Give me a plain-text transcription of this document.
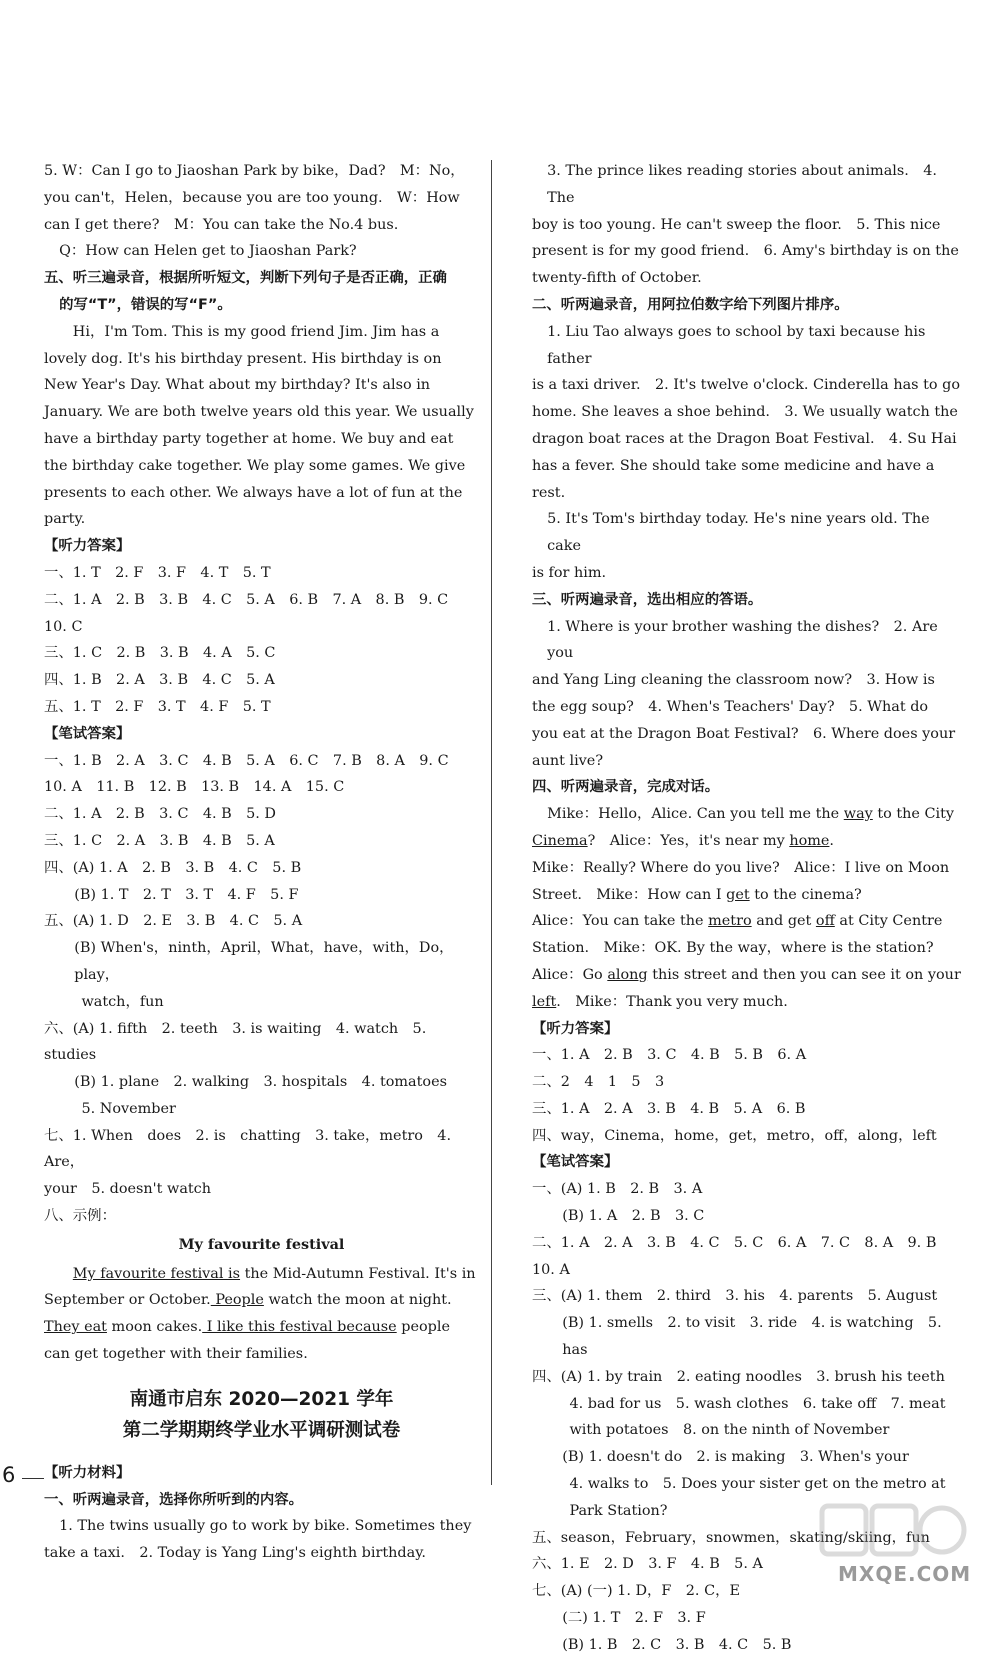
5. W：Can I go to Jiaoshan Park by bike，Dad?　M：No，

you can't，Helen，because you are too young.　W：How

can I get there?　M：You can take the No.4 bus.

Q：How can Helen get to Jiaoshan Park?

五、听三遍录音，根据所听短文，判断下列句子是否正确，正确

的写“T”，错误的写“F”。

Hi，I'm Tom. This is my good friend Jim. Jim has a lovely dog. It's his birthday present. His birthday is on New Year's Day. What about my birthday? It's also in January. We are both twelve years old this year. We usually have a birthday party together at home. We buy and eat the birthday cake together. We play some games. We give presents to each other. We always have a lot of fun at the party.

【听力答案】

一、1. T　2. F　3. F　4. T　5. T

二、1. A　2. B　3. B　4. C　5. A　6. B　7. A　8. B　9. C

10. C

三、1. C　2. B　3. B　4. A　5. C

四、1. B　2. A　3. B　4. C　5. A

五、1. T　2. F　3. T　4. F　5. T

【笔试答案】

一、1. B　2. A　3. C　4. B　5. A　6. C　7. B　8. A　9. C

10. A　11. B　12. B　13. B　14. A　15. C

二、1. A　2. B　3. C　4. B　5. D

三、1. C　2. A　3. B　4. B　5. A

四、(A) 1. A　2. B　3. B　4. C　5. B

(B) 1. T　2. T　3. T　4. F　5. F

五、(A) 1. D　2. E　3. B　4. C　5. A

(B) When's，ninth，April，What，have，with，Do，play，

watch，fun

六、(A) 1. fifth　2. teeth　3. is waiting　4. watch　5. studies

(B) 1. plane　2. walking　3. hospitals　4. tomatoes

5. November

七、1. When　does　2. is　chatting　3. take，metro　4. Are，

your　5. doesn't watch

八、示例：

My favourite festival

My favourite festival is the Mid-Autumn Festival. It's in September or October. People watch the moon at night. They eat moon cakes. I like this festival because people can get together with their families.

南通市启东 2020—2021 学年

第二学期期终学业水平调研测试卷

【听力材料】

一、听两遍录音，选择你所听到的内容。

1. The twins usually go to work by bike. Sometimes they

take a taxi.　2. Today is Yang Ling's eighth birthday.

3. The prince likes reading stories about animals.　4. The

boy is too young. He can't sweep the floor.　5. This nice

present is for my good friend.　6. Amy's birthday is on the

twenty-fifth of October.

二、听两遍录音，用阿拉伯数字给下列图片排序。

1. Liu Tao always goes to school by taxi because his father

is a taxi driver.　2. It's twelve o'clock. Cinderella has to go

home. She leaves a shoe behind.　3. We usually watch the

dragon boat races at the Dragon Boat Festival.　4. Su Hai

has a fever. She should take some medicine and have a rest.

5. It's Tom's birthday today. He's nine years old. The cake

is for him.

三、听两遍录音，选出相应的答语。

1. Where is your brother washing the dishes?　2. Are you

and Yang Ling cleaning the classroom now?　3. How is

the egg soup?　4. When's Teachers' Day?　5. What do

you eat at the Dragon Boat Festival?　6. Where does your

aunt live?

四、听两遍录音，完成对话。

Mike：Hello，Alice. Can you tell me the way to the City

Cinema?　Alice：Yes，it's near my home.

Mike：Really? Where do you live?　Alice：I live on Moon

Street.　Mike：How can I get to the cinema?

Alice：You can take the metro and get off at City Centre

Station.　Mike：OK. By the way，where is the station?

Alice：Go along this street and then you can see it on your

left.　Mike：Thank you very much.

【听力答案】

一、1. A　2. B　3. C　4. B　5. B　6. A

二、2　4　1　5　3

三、1. A　2. A　3. B　4. B　5. A　6. B

四、way，Cinema，home，get，metro，off，along，left

【笔试答案】

一、(A) 1. B　2. B　3. A

(B) 1. A　2. B　3. C

二、1. A　2. A　3. B　4. C　5. C　6. A　7. C　8. A　9. B

10. A

三、(A) 1. them　2. third　3. his　4. parents　5. August

(B) 1. smells　2. to visit　3. ride　4. is watching　5. has

四、(A) 1. by train　2. eating noodles　3. brush his teeth

4. bad for us　5. wash clothes　6. take off　7. meat

with potatoes　8. on the ninth of November

(B) 1. doesn't do　2. is making　3. When's your

4. walks to　5. Does your sister get on the metro at

Park Station?

五、season，February，snowmen，skating/skiing，fun

六、1. E　2. D　3. F　4. B　5. A

七、(A) (一) 1. D，F　2. C，E

(二) 1. T　2. F　3. F

(B) 1. B　2. C　3. B　4. C　5. B

6
MXQE.COM
